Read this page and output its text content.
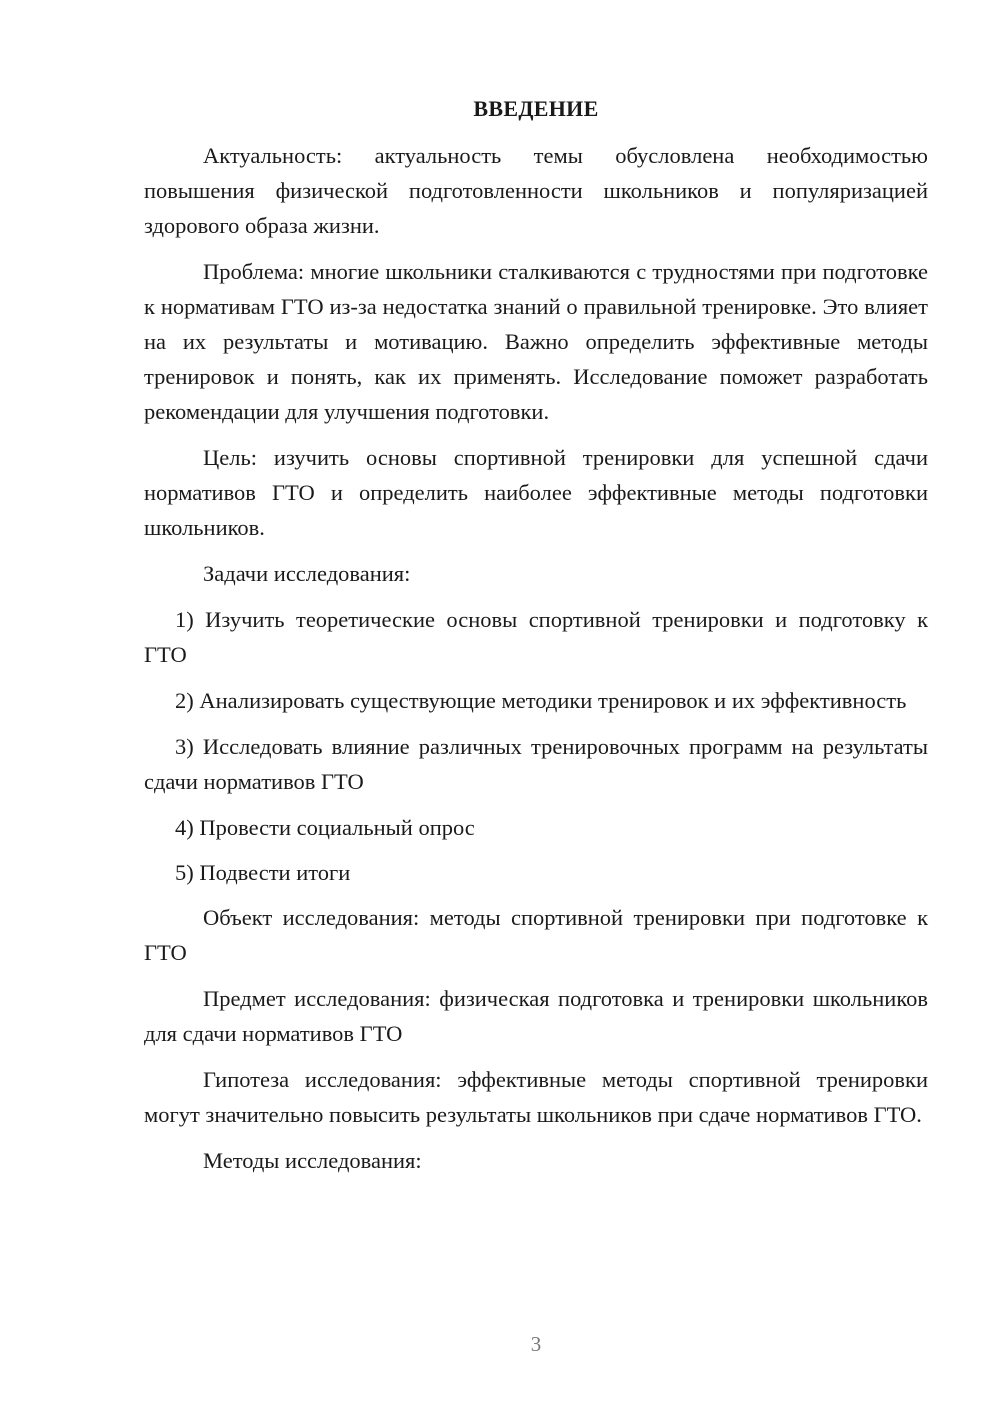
ВВЕДЕНИЕ

Актуальность: актуальность темы обусловлена необходимостью повышения физической подготовленности школьников и популяризацией здорового образа жизни.

Проблема: многие школьники сталкиваются с трудностями при подготовке к нормативам ГТО из-за недостатка знаний о правильной тренировке. Это влияет на их результаты и мотивацию. Важно определить эффективные методы тренировок и понять, как их применять. Исследование поможет разработать рекомендации для улучшения подготовки.

Цель: изучить основы спортивной тренировки для успешной сдачи нормативов ГТО и определить наиболее эффективные методы подготовки школьников.

Задачи исследования:

1) Изучить теоретические основы спортивной тренировки и подготовку к ГТО

2) Анализировать существующие методики тренировок и их эффективность

3) Исследовать влияние различных тренировочных программ на результаты сдачи нормативов ГТО

4) Провести социальный опрос

5) Подвести итоги

Объект исследования: методы спортивной тренировки при подготовке к ГТО

Предмет исследования: физическая подготовка и тренировки школьников для сдачи нормативов ГТО

Гипотеза исследования: эффективные методы спортивной тренировки могут значительно повысить результаты школьников при сдаче нормативов ГТО.

Методы исследования:

3
